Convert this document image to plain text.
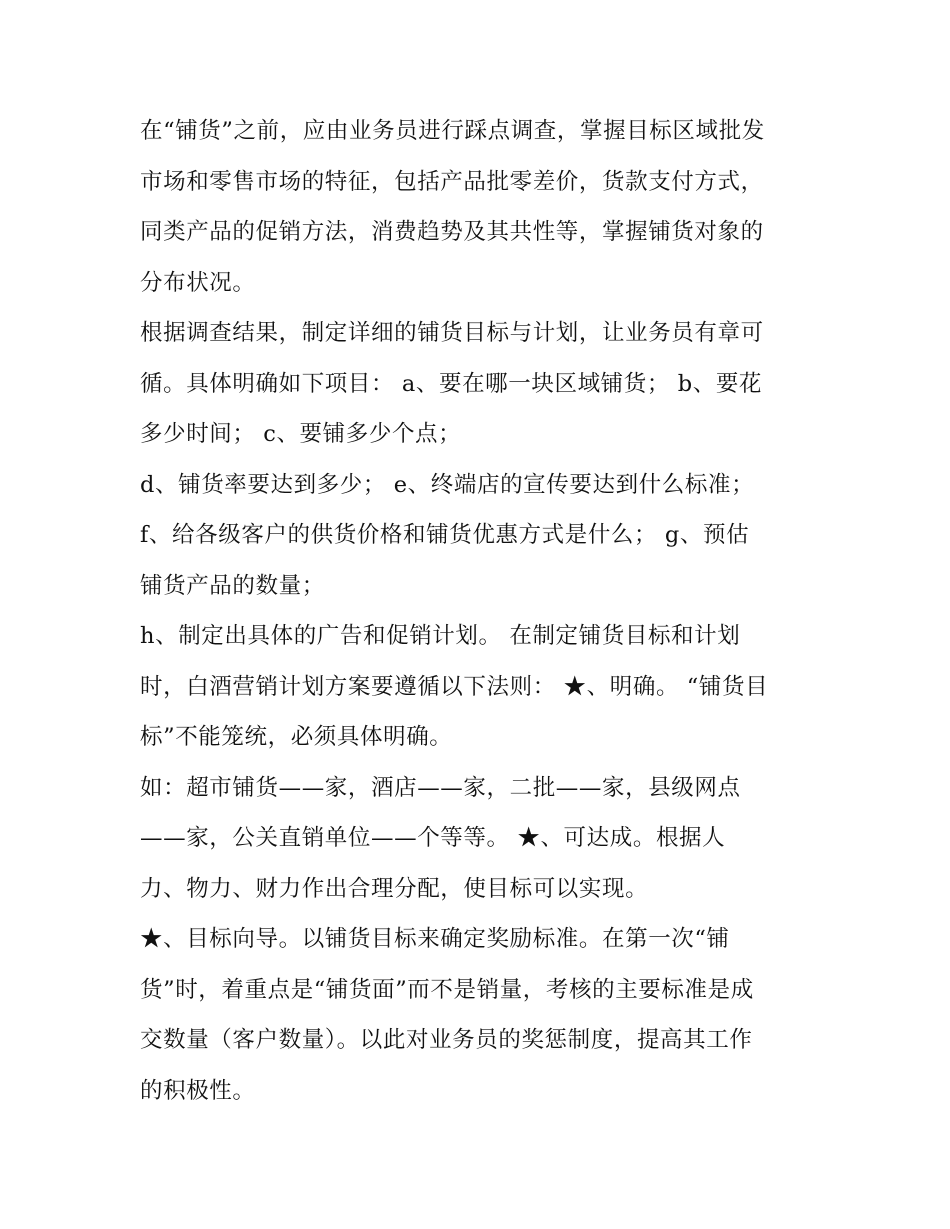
在“铺货”之前，应由业务员进行踩点调查，掌握目标区域批发
市场和零售市场的特征，包括产品批零差价，货款支付方式，
同类产品的促销方法，消费趋势及其共性等，掌握铺货对象的
分布状况。
根据调查结果，制定详细的铺货目标与计划，让业务员有章可
循。具体明确如下项目： a、要在哪一块区域铺货； b、要花
多少时间； c、要铺多少个点；
d、铺货率要达到多少； e、终端店的宣传要达到什么标准；
f、给各级客户的供货价格和铺货优惠方式是什么； g、预估
铺货产品的数量；
h、制定出具体的广告和促销计划。 在制定铺货目标和计划
时，白酒营销计划方案要遵循以下法则： ★、明确。 “铺货目
标”不能笼统，必须具体明确。
如：超市铺货——家，酒店——家，二批——家，县级网点
——家，公关直销单位——个等等。 ★、可达成。根据人
力、物力、财力作出合理分配，使目标可以实现。
★、目标向导。以铺货目标来确定奖励标准。在第一次“铺
货”时，着重点是“铺货面”而不是销量，考核的主要标准是成
交数量（客户数量）。以此对业务员的奖惩制度，提高其工作
的积极性。
